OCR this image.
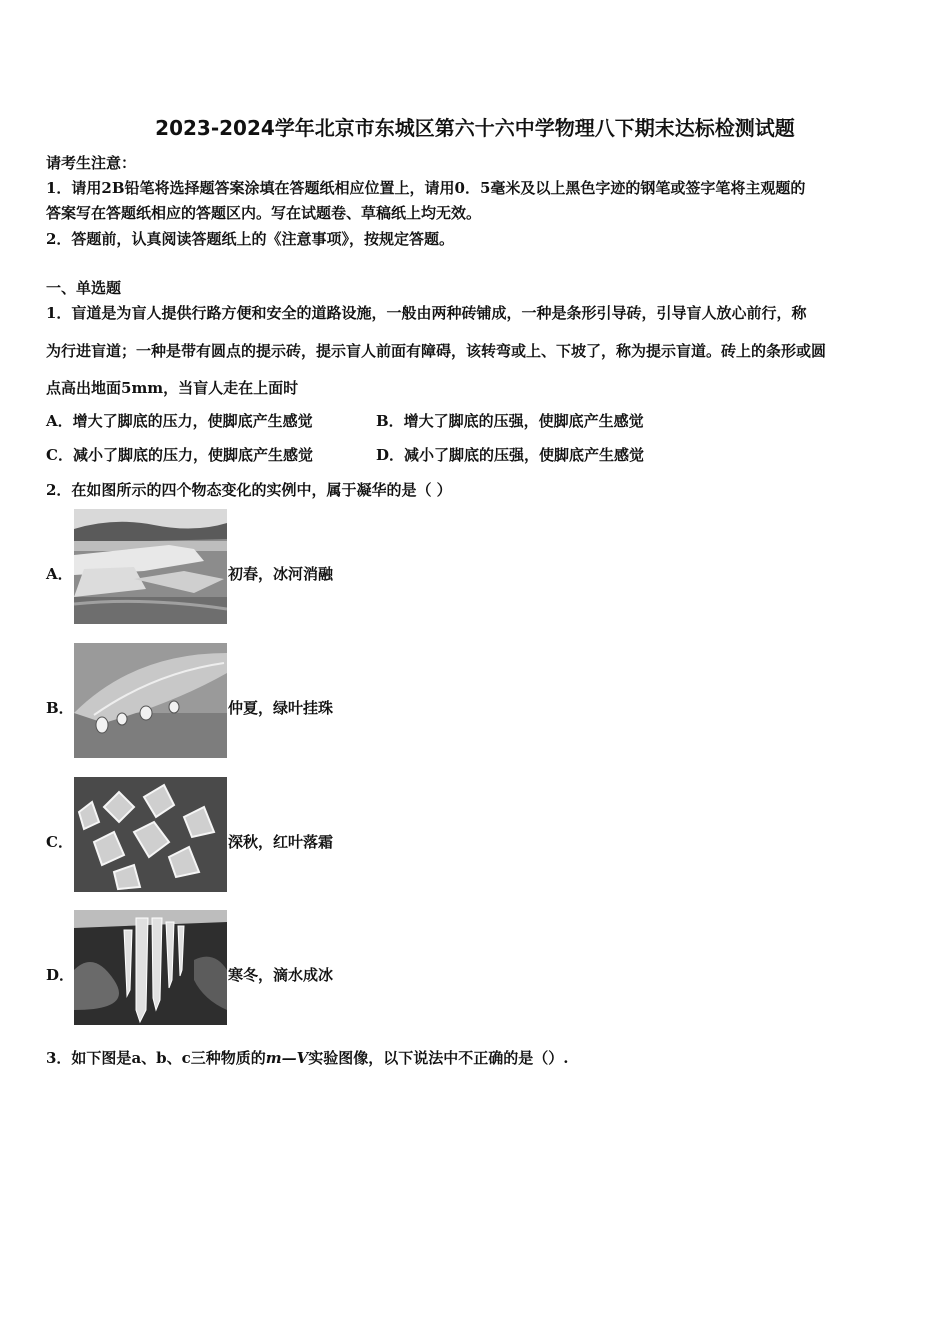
2023-2024学年北京市东城区第六十六中学物理八下期末达标检测试题
请考生注意：
1．请用2B铅笔将选择题答案涂填在答题纸相应位置上，请用0．5毫米及以上黑色字迹的钢笔或签字笔将主观题的
答案写在答题纸相应的答题区内。写在试题卷、草稿纸上均无效。
2．答题前，认真阅读答题纸上的《注意事项》，按规定答题。
一、单选题
1．盲道是为盲人提供行路方便和安全的道路设施，一般由两种砖铺成，一种是条形引导砖，引导盲人放心前行，称
为行进盲道；一种是带有圆点的提示砖，提示盲人前面有障碍，该转弯或上、下坡了，称为提示盲道。砖上的条形或圆
点高出地面5mm，当盲人走在上面时
A．增大了脚底的压力，使脚底产生感觉	B．增大了脚底的压强，使脚底产生感觉
C．减小了脚底的压力，使脚底产生感觉	D．减小了脚底的压强，使脚底产生感觉
2．在如图所示的四个物态变化的实例中，属于凝华的是（ ）
A．	初春，冰河消融
B．	仲夏，绿叶挂珠
C．	深秋，红叶落霜
D．	寒冬，滴水成冰
3．如下图是a、b、c三种物质的m—V实验图像，以下说法中不正确的是（）.
